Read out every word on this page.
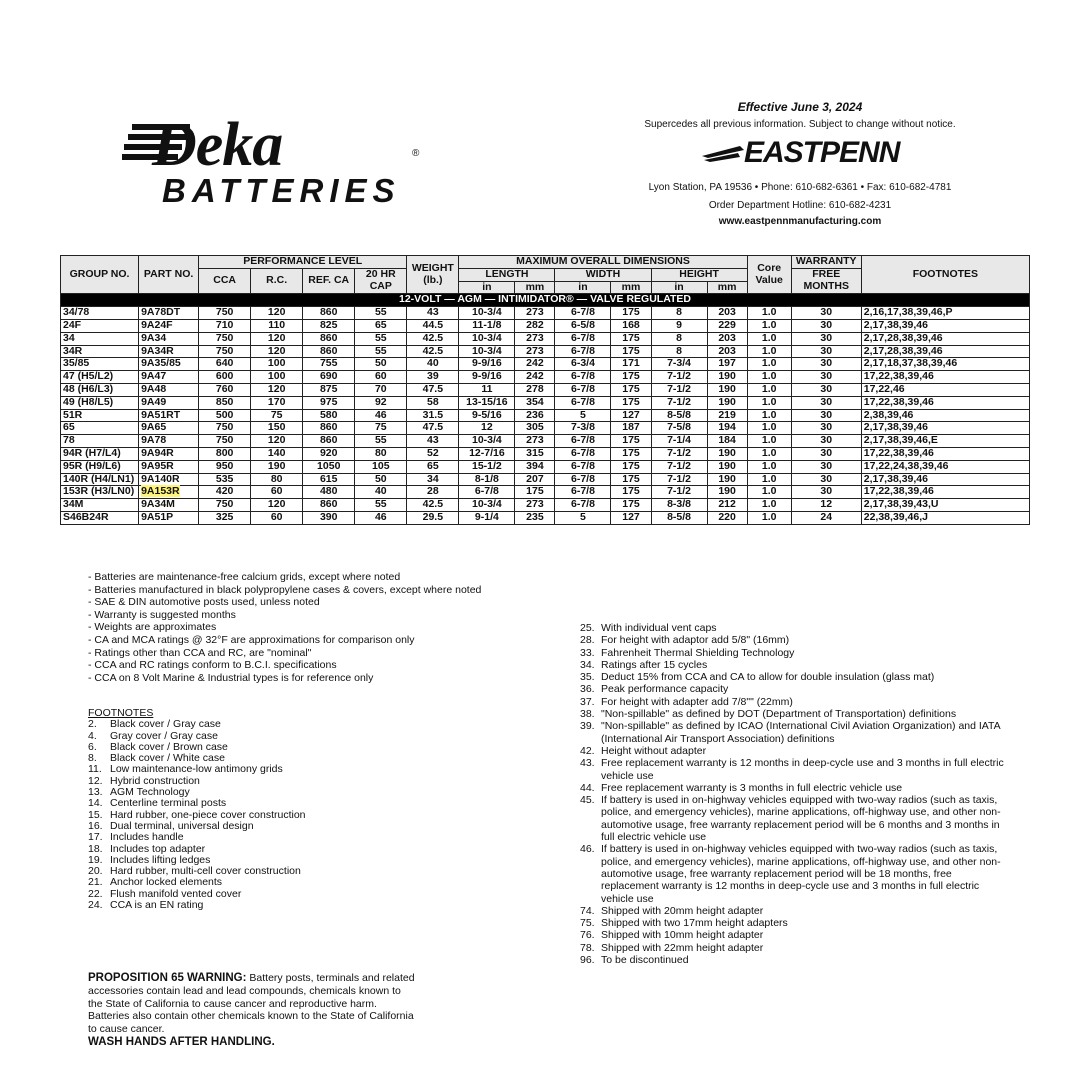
Deka	®
BATTERIES
Effective June 3, 2024
Supercedes all previous information. Subject to change without notice.
EASTPENN
Lyon Station, PA 19536 • Phone: 610-682-6361 • Fax: 610-682-4781
Order Department Hotline: 610-682-4231
www.eastpennmanufacturing.com
GROUP NO.	PART NO.	PERFORMANCE LEVEL				WEIGHT (lb.)	MAXIMUM OVERALL DIMENSIONS						Core Value	WARRANTY	FOOTNOTES
		CCA	R.C.	REF. CA	20 HR CAP		LENGTH		WIDTH		HEIGHT			FREE MONTHS	
							in	mm	in	mm	in	mm			
12-VOLT — AGM — INTIMIDATOR® — VALVE REGULATED															
34/78	9A78DT	750	120	860	55	43	10-3/4	273	6-7/8	175	8	203	1.0	30	2,16,17,38,39,46,P
24F	9A24F	710	110	825	65	44.5	11-1/8	282	6-5/8	168	9	229	1.0	30	2,17,38,39,46
34	9A34	750	120	860	55	42.5	10-3/4	273	6-7/8	175	8	203	1.0	30	2,17,28,38,39,46
34R	9A34R	750	120	860	55	42.5	10-3/4	273	6-7/8	175	8	203	1.0	30	2,17,28,38,39,46
35/85	9A35/85	640	100	755	50	40	9-9/16	242	6-3/4	171	7-3/4	197	1.0	30	2,17,18,37,38,39,46
47 (H5/L2)	9A47	600	100	690	60	39	9-9/16	242	6-7/8	175	7-1/2	190	1.0	30	17,22,38,39,46
48 (H6/L3)	9A48	760	120	875	70	47.5	11	278	6-7/8	175	7-1/2	190	1.0	30	17,22,46
49 (H8/L5)	9A49	850	170	975	92	58	13-15/16	354	6-7/8	175	7-1/2	190	1.0	30	17,22,38,39,46
51R	9A51RT	500	75	580	46	31.5	9-5/16	236	5	127	8-5/8	219	1.0	30	2,38,39,46
65	9A65	750	150	860	75	47.5	12	305	7-3/8	187	7-5/8	194	1.0	30	2,17,38,39,46
78	9A78	750	120	860	55	43	10-3/4	273	6-7/8	175	7-1/4	184	1.0	30	2,17,38,39,46,E
94R (H7/L4)	9A94R	800	140	920	80	52	12-7/16	315	6-7/8	175	7-1/2	190	1.0	30	17,22,38,39,46
95R (H9/L6)	9A95R	950	190	1050	105	65	15-1/2	394	6-7/8	175	7-1/2	190	1.0	30	17,22,24,38,39,46
140R (H4/LN1)	9A140R	535	80	615	50	34	8-1/8	207	6-7/8	175	7-1/2	190	1.0	30	2,17,38,39,46
153R (H3/LN0)	9A153R	420	60	480	40	28	6-7/8	175	6-7/8	175	7-1/2	190	1.0	30	17,22,38,39,46
34M	9A34M	750	120	860	55	42.5	10-3/4	273	6-7/8	175	8-3/8	212	1.0	12	2,17,38,39,43,U
S46B24R	9A51P	325	60	390	46	29.5	9-1/4	235	5	127	8-5/8	220	1.0	24	22,38,39,46,J
- Batteries are maintenance-free calcium grids, except where noted
- Batteries manufactured in black polypropylene cases & covers, except where noted
- SAE & DIN automotive posts used, unless noted
- Warranty is suggested months
- Weights are approximates
- CA and MCA ratings @ 32°F are approximations for comparison only
- Ratings other than CCA and RC, are "nominal"
- CCA and RC ratings conform to B.C.I. specifications
- CCA on 8 Volt Marine & Industrial types is for reference only
FOOTNOTES
2.	Black cover / Gray case
4.	Gray cover / Gray case
6.	Black cover / Brown case
8.	Black cover / White case
11. Low maintenance-low antimony grids
12. Hybrid construction
13. AGM Technology
14. Centerline terminal posts
15. Hard rubber, one-piece cover construction
16. Dual terminal, universal design
17. Includes handle
18. Includes top adapter
19. Includes lifting ledges
20. Hard rubber, multi-cell cover construction
21. Anchor locked elements
22. Flush manifold vented cover
24. CCA is an EN rating
PROPOSITION 65 WARNING: Battery posts, terminals and related accessories contain lead and lead compounds, chemicals known to the State of California to cause cancer and reproductive harm. Batteries also contain other chemicals known to the State of California to cause cancer.
WASH HANDS AFTER HANDLING.
25. With individual vent caps
28. For height with adaptor add 5/8" (16mm)
33. Fahrenheit Thermal Shielding Technology
34. Ratings after 15 cycles
35. Deduct 15% from CCA and CA to allow for double insulation (glass mat)
36. Peak performance capacity
37. For height with adapter add 7/8"" (22mm)
38. "Non-spillable" as defined by DOT (Department of Transportation) definitions
39. "Non-spillable" as defined by ICAO (International Civil Aviation Organization) and IATA (International Air Transport Association) definitions
42. Height without adapter
43. Free replacement warranty is 12 months in deep-cycle use and 3 months in full electric vehicle use
44. Free replacement warranty is 3 months in full electric vehicle use
45. If battery is used in on-highway vehicles equipped with two-way radios (such as taxis, police, and emergency vehicles), marine applications, off-highway use, and other non-automotive usage, free warranty replacement period will be 6 months and 3 months in full electric vehicle use
46. If battery is used in on-highway vehicles equipped with two-way radios (such as taxis, police, and emergency vehicles), marine applications, off-highway use, and other non-automotive usage, free warranty replacement period will be 18 months, free replacement warranty is 12 months in deep-cycle use and 3 months in full electric vehicle use
74. Shipped with 20mm height adapter
75. Shipped with two 17mm height adapters
76. Shipped with 10mm height adapter
78. Shipped with 22mm height adapter
96. To be discontinued
